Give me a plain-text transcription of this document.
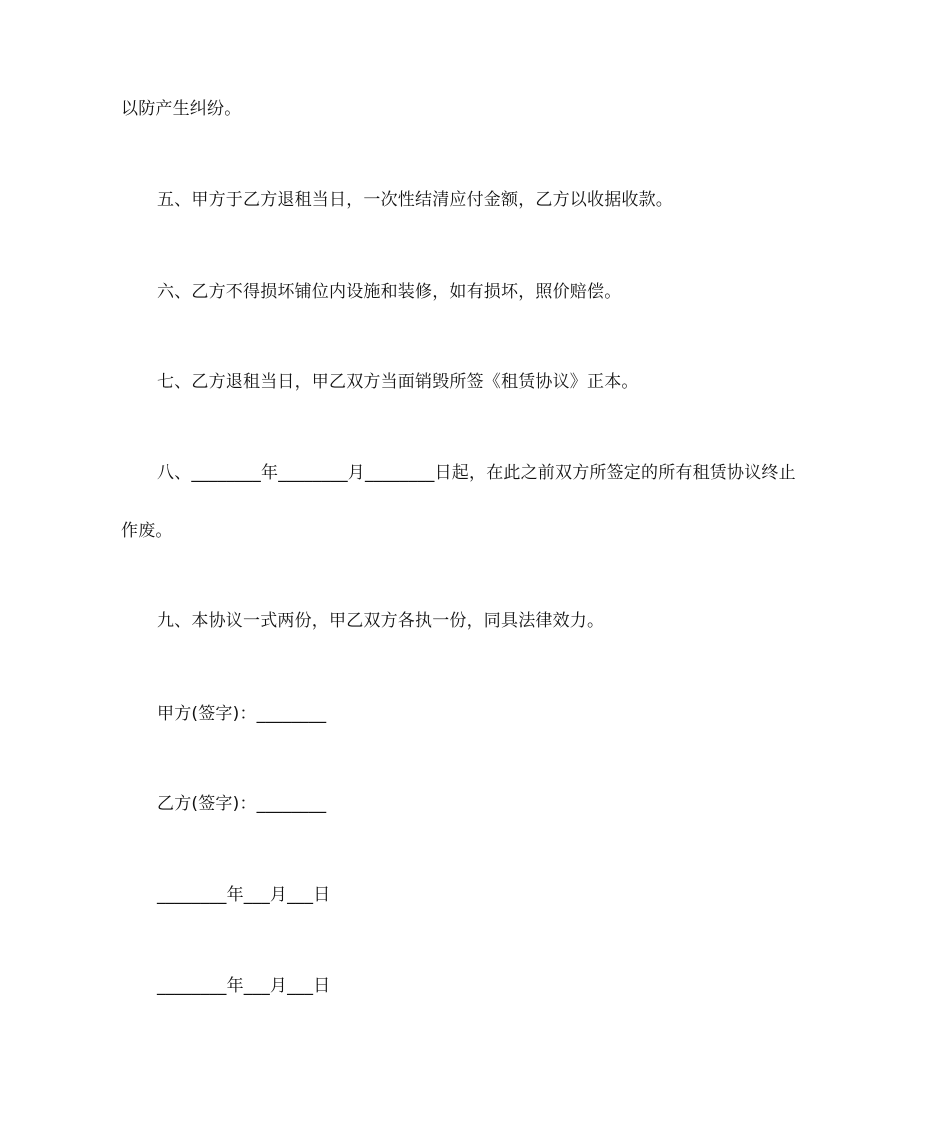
以防产生纠纷。
五、甲方于乙方退租当日，一次性结清应付金额，乙方以收据收款。
六、乙方不得损坏铺位内设施和装修，如有损坏，照价赔偿。
七、乙方退租当日，甲乙双方当面销毁所签《租赁协议》正本。
八、________年________月________日起，在此之前双方所签定的所有租赁协议终止
作废。
九、本协议一式两份，甲乙双方各执一份，同具法律效力。
甲方(签字)：________
乙方(签字)：________
________年___月___日
________年___月___日
